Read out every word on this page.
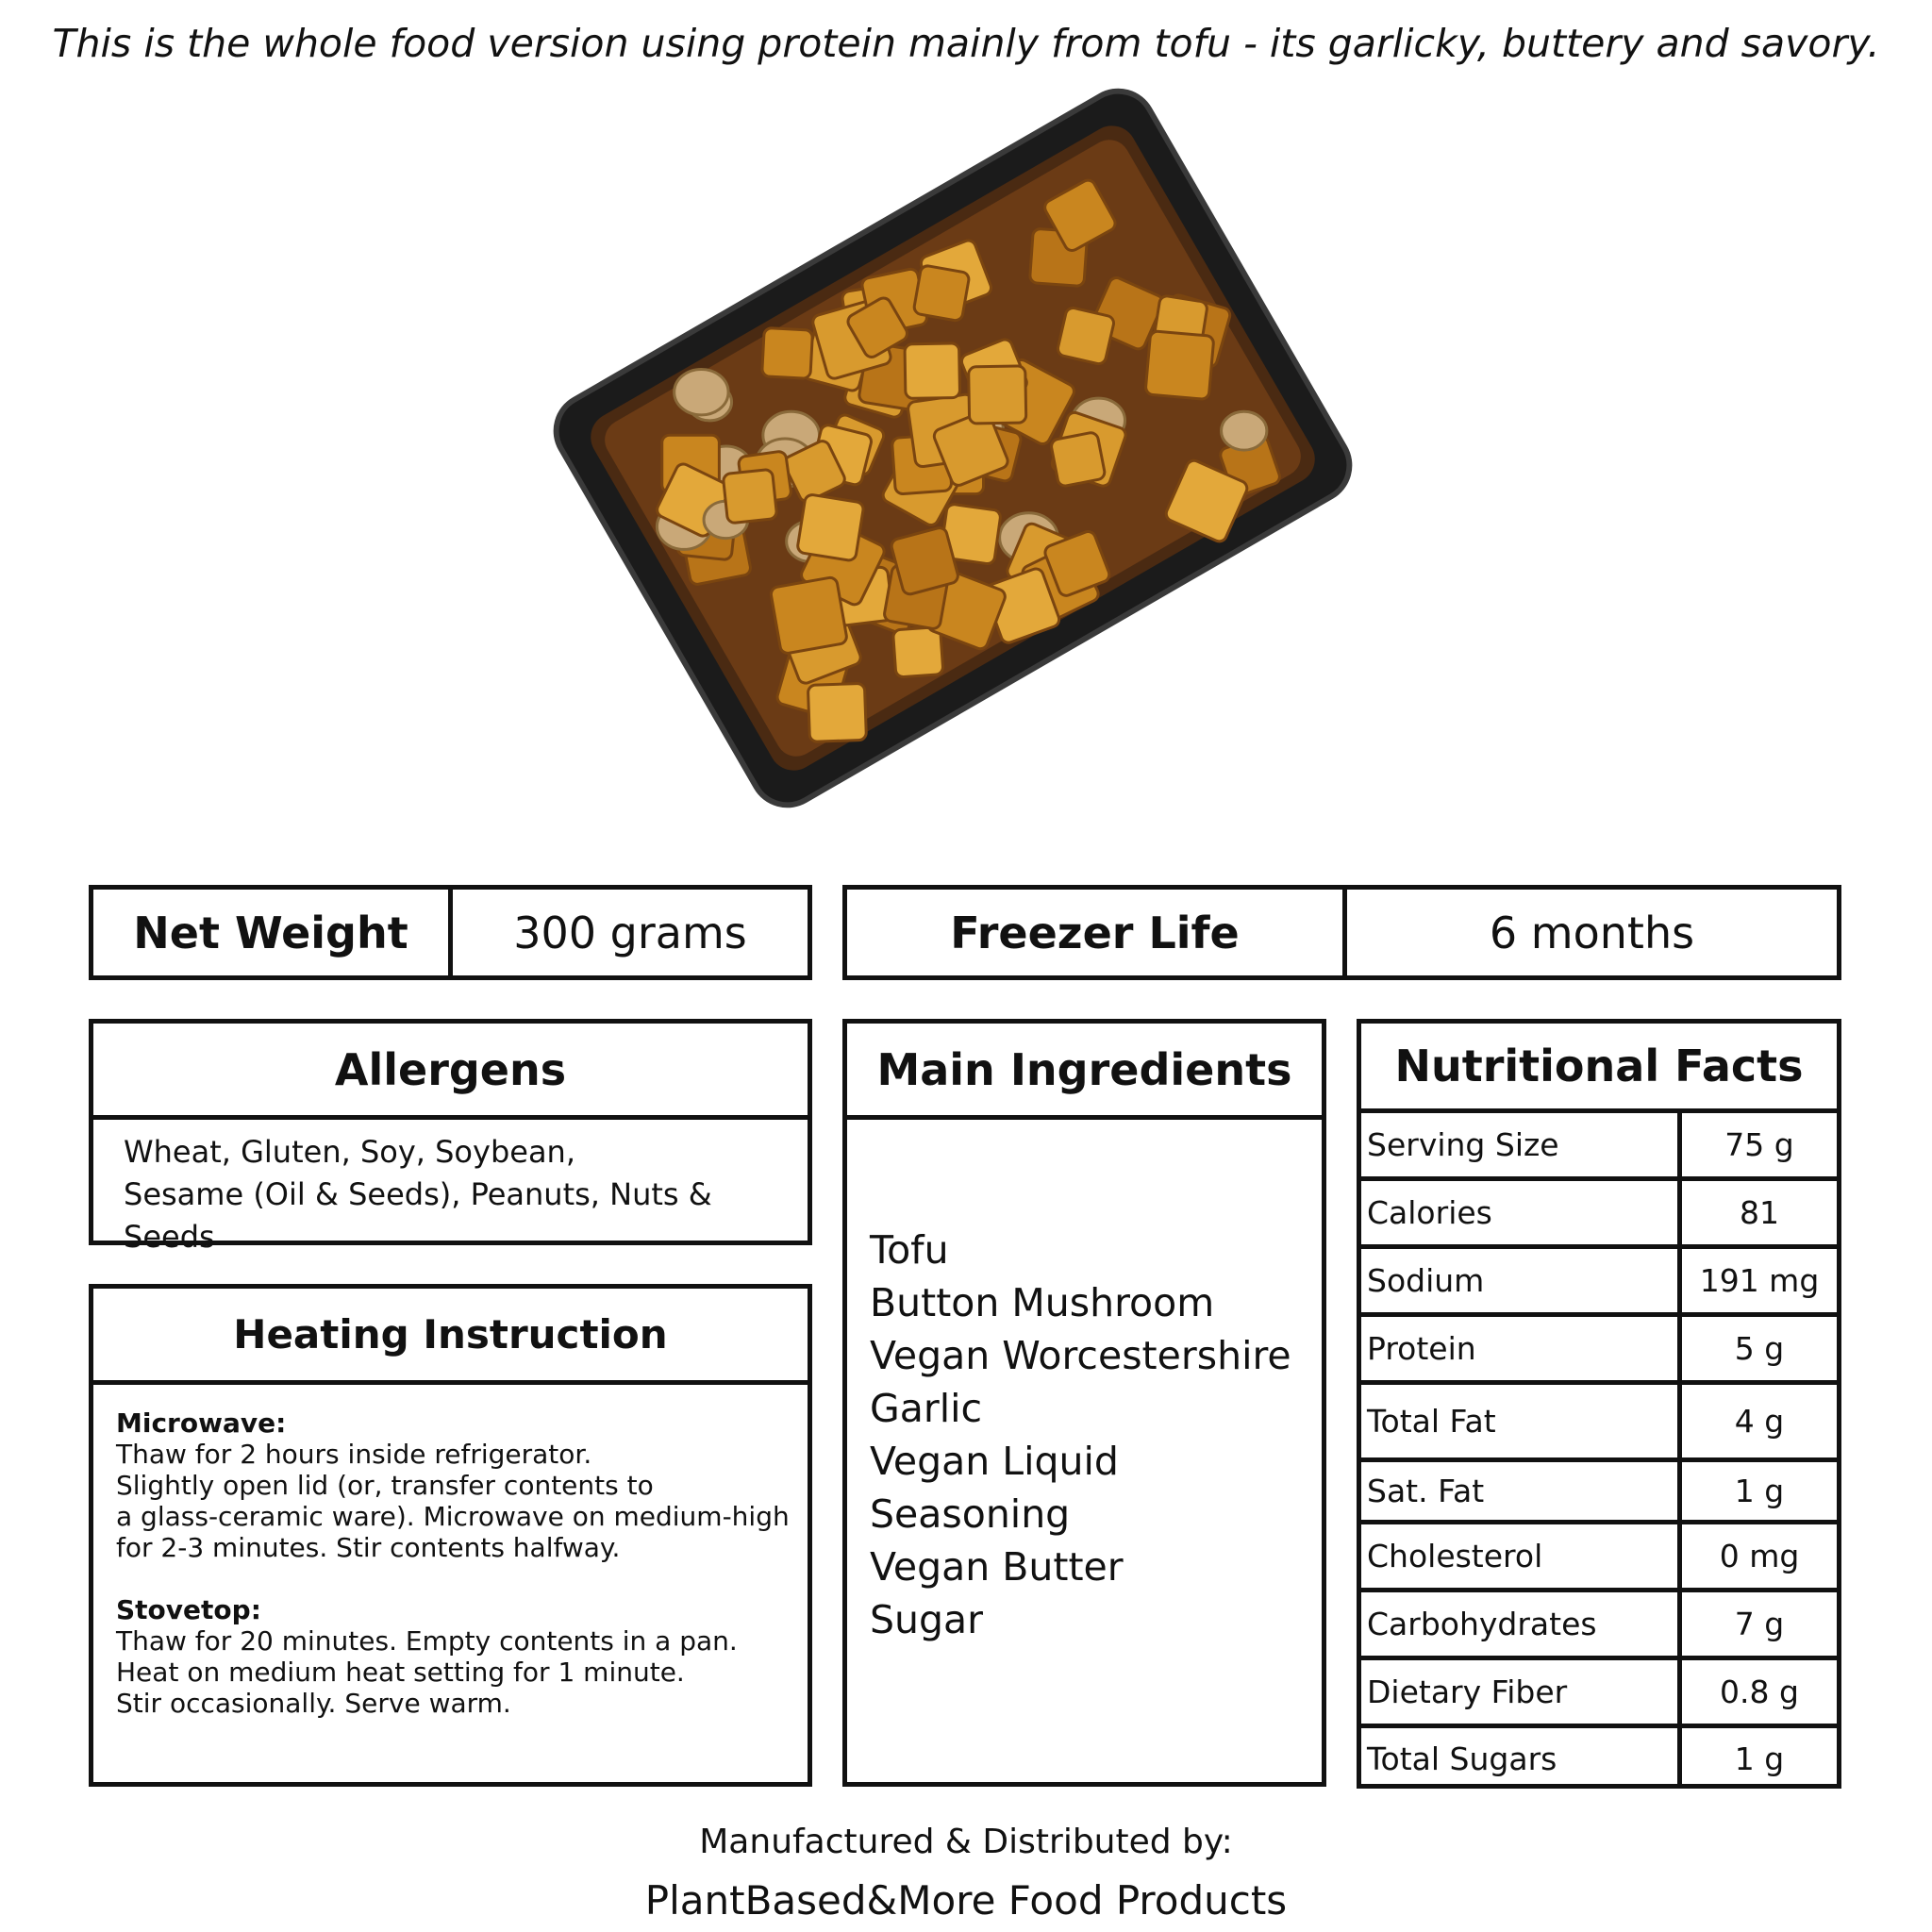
This is the whole food version using protein mainly from tofu - its garlicky, buttery and savory.
Net Weight	300 grams	Freezer Life	6 months
Allergens
Wheat, Gluten, Soy, Soybean,
Sesame (Oil & Seeds), Peanuts, Nuts & Seeds
Heating Instruction
Microwave:
Thaw for 2 hours inside refrigerator.
Slightly open lid (or, transfer contents to
a glass-ceramic ware). Microwave on medium-high
for 2-3 minutes. Stir contents halfway.
Stovetop:
Thaw for 20 minutes. Empty contents in a pan.
Heat on medium heat setting for 1 minute.
Stir occasionally. Serve warm.
Main Ingredients
Tofu
Button Mushroom
Vegan Worcestershire
Garlic
Vegan Liquid Seasoning
Vegan Butter
Sugar
Nutritional Facts
Serving Size	75 g
Calories	81
Sodium	191 mg
Protein	5 g
Total Fat	4 g
Sat. Fat	1 g
Cholesterol	0 mg
Carbohydrates	7 g
Dietary Fiber	0.8 g
Total Sugars	1 g
Manufactured & Distributed by:
PlantBased&More Food Products
